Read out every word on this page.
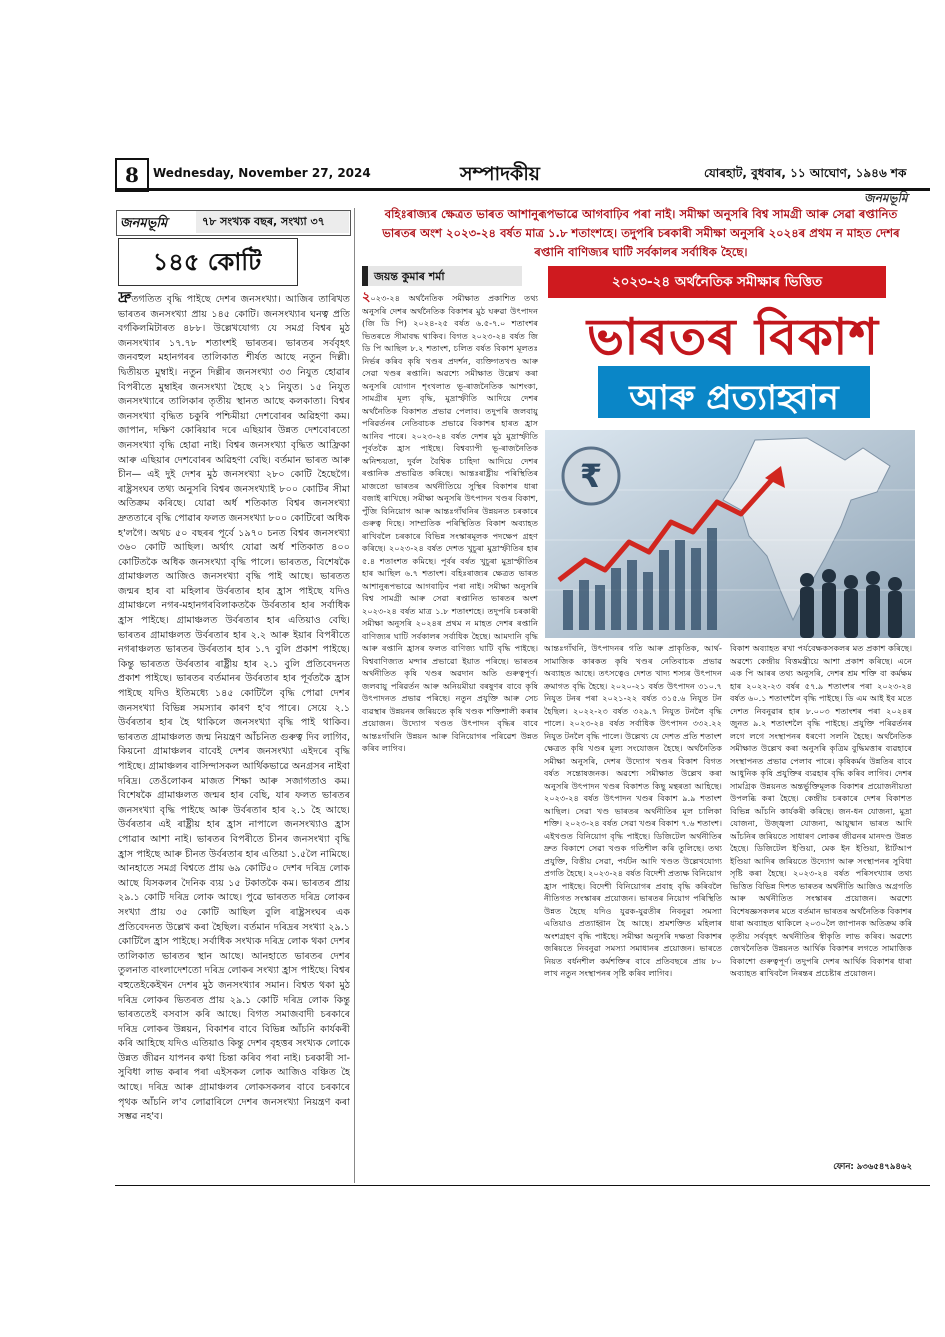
8	Wednesday, November 27, 2024	সম্পাদকীয়	যোৰহাট, বুধবাৰ, ১১ আঘোণ, ১৯৪৬ শক
জনমভূমি
জনমভূমি	৭৮ সংখ্যক বছৰ, সংখ্যা ৩৭
১৪৫ কোটি
দ্ৰুতগতিত বৃদ্ধি পাইছে দেশৰ জনসংখ্যা। আজিৰ তাৰিখত ভাৰতৰ জনসংখ্যা প্ৰায় ১৪৫ কোটি। জনসংখ্যাৰ ঘনত্ব প্ৰতি বৰ্গকিলমিটাৰত ৪৮৮। উল্লেখযোগ্য যে সমগ্ৰ বিশ্বৰ মুঠ জনসংখ্যাৰ ১৭.৭৮ শতাংশই ভাৰতৰ। ভাৰতৰ সৰ্ববৃহৎ জনবহুল মহানগৰৰ তালিকাত শীৰ্ষত আছে নতুন দিল্লী। দ্বিতীয়ত মুম্বাই। নতুন দিল্লীৰ জনসংখ্যা ৩৩ নিযুত হোৱাৰ বিপৰীতে মুম্বাইৰ জনসংখ্যা হৈছে ২১ নিযুত। ১৫ নিযুত জনসংখ্যাৰে তালিকাৰ তৃতীয় স্থানত আছে কলকাতা। বিশ্বৰ জনসংখ্যা বৃদ্ধিত চকুৰি পশ্চিমীয়া দেশবোৰৰ অৱিহণা কম। জাপান, দক্ষিণ কোৰিয়াৰ দৰে এছিয়াৰ উন্নত দেশবোৰতো জনসংখ্যা বৃদ্ধি হোৱা নাই। বিশ্বৰ জনসংখ্যা বৃদ্ধিত আফ্ৰিকা আৰু এছিয়াৰ দেশবোৰৰ অৱিহণা বেছি। বৰ্তমান ভাৰত আৰু চীন— এই দুই দেশৰ মুঠ জনসংখ্যা ২৮০ কোটি হৈছেগৈ। ৰাষ্ট্ৰসংঘৰ তথ্য অনুসৰি বিশ্বৰ জনসংখ্যাই ৮০০ কোটিৰ সীমা অতিক্ৰম কৰিছে। যোৱা অৰ্ধ শতিকাত বিশ্বৰ জনসংখ্যা দ্ৰুততাৰে বৃদ্ধি পোৱাৰ ফলত জনসংখ্যা ৮০০ কোটিৰো অধিক হ'লগৈ। অথচ ৫০ বছৰৰ পূৰ্বে ১৯৭০ চনত বিশ্বৰ জনসংখ্যা ৩৬০ কোটি আছিল। অৰ্থাৎ যোৱা অৰ্ধ শতিকাত ৪০০ কোটিতকৈ অধিক জনসংখ্যা বৃদ্ধি পালে। ভাৰতত, বিশেষকৈ গ্ৰামাঞ্চলত আজিও জনসংখ্যা বৃদ্ধি পাই আছে। ভাৰতত জন্মৰ হাৰ বা মহিলাৰ উৰ্বৰতাৰ হাৰ হ্ৰাস পাইছে যদিও গ্ৰামাঞ্চলে নগৰ-মহানগৰবিলাকতকৈ উৰ্বৰতাৰ হাৰ সৰ্বাধিক হ্ৰাস পাইছে। গ্ৰামাঞ্চলত উৰ্বৰতাৰ হাৰ এতিয়াও বেছি। ভাৰতৰ গ্ৰামাঞ্চলত উৰ্বৰতাৰ হাৰ ২.২ আৰু ইয়াৰ বিপৰীতে নগৰাঞ্চলত ভাৰতৰ উৰ্বৰতাৰ হাৰ ১.৭ বুলি প্ৰকাশ পাইছে। কিন্তু ভাৰতত উৰ্বৰতাৰ ৰাষ্ট্ৰীয় হাৰ ২.১ বুলি প্ৰতিবেদনত প্ৰকাশ পাইছে। ভাৰতৰ বৰ্তমানৰ উৰ্বৰতাৰ হাৰ পূৰ্বতকৈ হ্ৰাস পাইছে যদিও ইতিমধ্যে ১৪৫ কোটিলৈ বৃদ্ধি পোৱা দেশৰ জনসংখ্যা বিভিন্ন সমস্যাৰ কাৰণ হ'ব পাৰে। সেয়ে ২.১ উৰ্বৰতাৰ হাৰ হৈ থাকিলে জনসংখ্যা বৃদ্ধি পাই থাকিব। ভাৰতত গ্ৰামাঞ্চলত জন্ম নিয়ন্ত্ৰণ আঁচনিত গুৰুত্ব দিব লাগিব, কিয়নো গ্ৰামাঞ্চলৰ বাবেই দেশৰ জনসংখ্যা এইদৰে বৃদ্ধি পাইছে। গ্ৰামাঞ্চলৰ বাসিন্দাসকল আৰ্থিকভাৱে অনগ্ৰসৰ নাইবা দৰিদ্ৰ। তেওঁলোকৰ মাজত শিক্ষা আৰু সজাগতাও কম। বিশেষকৈ গ্ৰামাঞ্চলত জন্মৰ হাৰ বেছি, যাৰ ফলত ভাৰতৰ জনসংখ্যা বৃদ্ধি পাইছে আৰু উৰ্বৰতাৰ হাৰ ২.১ হৈ আছে। উৰ্বৰতাৰ এই ৰাষ্ট্ৰীয় হাৰ হ্ৰাস নাপালে জনসংখ্যাও হ্ৰাস পোৱাৰ আশা নাই। ভাৰতৰ বিপৰীতে চীনৰ জনসংখ্যা বৃদ্ধি হ্ৰাস পাইছে আৰু চীনত উৰ্বৰতাৰ হাৰ এতিয়া ১.৫লৈ নামিছে। আনহাতে সমগ্ৰ বিশ্বতে প্ৰায় ৬৯ কোটি৫০ দেশৰ দৰিদ্ৰ লোক আছে যিসকলৰ দৈনিক ব্যয় ১৫ টকাতকৈ কম। ভাৰতৰ প্ৰায় ২৯.১ কোটি দৰিদ্ৰ লোক আছে। পুৱে ভাৰতত দৰিদ্ৰ লোকৰ সংখ্যা প্ৰায় ৩৫ কোটি আছিল বুলি ৰাষ্ট্ৰসংঘৰ এক প্ৰতিবেদনত উল্লেখ কৰা হৈছিল। বৰ্তমান দৰিদ্ৰৰ সংখ্যা ২৯.১ কোটিলৈ হ্ৰাস পাইছে। সৰ্বাধিক সংখ্যক দৰিদ্ৰ লোক থকা দেশৰ তালিকাত ভাৰতৰ স্থান আছে। আনহাতে ভাৰতৰ দেশৰ তুলনাত বাংলাদেশতো দৰিদ্ৰ লোকৰ সংখ্যা হ্ৰাস পাইছে। বিশ্বৰ বহুতেইকেইখন দেশৰ মুঠ জনসংখ্যাৰ সমান। বিশ্বত থকা মুঠ দৰিদ্ৰ লোকৰ ভিতৰত প্ৰায় ২৯.১ কোটি দৰিদ্ৰ লোক কিন্তু ভাৰততেই বসবাস কৰি আছে। বিগত সমাজবাদী চৰকাৰে দৰিদ্ৰ লোকৰ উন্নয়ন, বিকাশৰ বাবে বিভিন্ন আঁচনি কাৰ্যকৰী কৰি আহিছে যদিও এতিয়াও কিন্তু দেশৰ বৃহত্তৰ সংখ্যক লোকে উন্নত জীৱন যাপনৰ কথা চিন্তা কৰিব পৰা নাই। চৰকাৰী সা-সুবিধা লাভ কৰাৰ পৰা এইসকল লোক আজিও বঞ্চিত হৈ আছে। দৰিদ্ৰ আৰু গ্ৰামাঞ্চলৰ লোকসকলৰ বাবে চৰকাৰে পৃথক আঁচনি ল'ব লোৱাৰিলে দেশৰ জনসংখ্যা নিয়ন্ত্ৰণ কৰা সম্ভৱ নহ'ব।
বহিঃৰাজ্যৰ ক্ষেত্ৰত ভাৰত আশানুৰূপভাৱে আগবাঢ়িব পৰা নাই। সমীক্ষা অনুসৰি বিশ্ব সামগ্ৰী আৰু সেৱা ৰপ্তানিত ভাৰতৰ অংশ ২০২৩-২৪ বৰ্ষত মাত্ৰ ১.৮ শতাংশহে। তদুপৰি চৰকাৰী সমীক্ষা অনুসৰি ২০২৪ৰ প্ৰথম ন মাহত দেশৰ ৰপ্তানি বাণিজ্যৰ ঘাটি সৰ্বকালৰ সৰ্বাধিক হৈছে।
জয়ন্ত কুমাৰ শৰ্মা	২০২৩-২৪ অৰ্থনৈতিক সমীক্ষাৰ ভিত্তিত
ভাৰতৰ বিকাশ
আৰু প্ৰত্যাহ্বান
২০২৩-২৪ অৰ্থনৈতিক সমীক্ষাত প্ৰকাশিত তথ্য অনুসৰি দেশৰ অৰ্থনৈতিক বিকাশৰ মুঠ ঘৰুৱা উৎপাদন (জি ডি পি) ২০২৪-২৫ বৰ্ষত ৬.৫-৭.০ শতাংশৰ ভিতৰতে সীমাবদ্ধ থাকিব। বিগত ২০২৩-২৪ বৰ্ষত জি ডি পি আছিল ৮.২ শতাংশ, চলিত বৰ্ষত বিকাশ মূলতঃ নিৰ্ভৰ কৰিব কৃষি খণ্ডৰ প্ৰদৰ্শন, ব্যক্তিগতখণ্ড আৰু সেৱা খণ্ডৰ ৰপ্তানি। অৱশ্যে সমীক্ষাত উল্লেখ কৰা অনুসৰি যোগান শৃংখলাত ভূ-ৰাজনৈতিক আশংকা, সামগ্ৰীৰ মূল্য বৃদ্ধি, মুদ্ৰাস্ফীতি আদিয়ে দেশৰ অৰ্থনৈতিক বিকাশত প্ৰভাৱ পেলাব। তদুপৰি জলবায়ু পৰিৱৰ্তনৰ নেতিবাচক প্ৰভাৱে বিকাশৰ হাৰত হ্ৰাস আনিব পাৰে। ২০২৩-২৪ বৰ্ষত দেশৰ মুঠ মুদ্ৰাস্ফীতি পূৰ্বতকৈ হ্ৰাস পাইছে। বিশ্বব্যাপী ভূ-ৰাজনৈতিক অনিশ্চয়তা, দুৰ্বল বৈশ্বিক চাহিদা আদিয়ে দেশৰ ৰপ্তানিক প্ৰভাৱিত কৰিছে। আন্তঃৰাষ্ট্ৰীয় পৰিস্থিতিৰ মাজতো ভাৰতৰ অৰ্থনীতিয়ে সুস্থিৰ বিকাশৰ ধাৰা বজাই ৰাখিছে। সমীক্ষা অনুসৰি উৎপাদন খণ্ডৰ বিকাশ, পুঁজি বিনিয়োগ আৰু আন্তঃগাঁথনিৰ উন্নয়নত চৰকাৰে গুৰুত্ব দিছে। সাম্প্ৰতিক পৰিস্থিতিত বিকাশ অব্যাহত ৰাখিবলৈ চৰকাৰে বিভিন্ন সংস্কাৰমূলক পদক্ষেপ গ্ৰহণ কৰিছে। ২০২৩-২৪ বৰ্ষত দেশত খুচুৰা মুদ্ৰাস্ফীতিৰ হাৰ ৫.৪ শতাংশত কমিছে। পূৰ্বৰ বৰ্ষত খুচুৰা মুদ্ৰাস্ফীতিৰ হাৰ আছিল ৬.৭ শতাংশ। বহিঃৰাজ্যৰ ক্ষেত্ৰত ভাৰত আশানুৰূপভাৱে আগবাঢ়িব পৰা নাই। সমীক্ষা অনুসৰি বিশ্ব সামগ্ৰী আৰু সেৱা ৰপ্তানিত ভাৰতৰ অংশ ২০২৩-২৪ বৰ্ষত মাত্ৰ ১.৮ শতাংশহে। তদুপৰি চৰকাৰী সমীক্ষা অনুসৰি ২০২৪ৰ প্ৰথম ন মাহত দেশৰ ৰপ্তানি বাণিজ্যৰ ঘাটি সৰ্বকালৰ সৰ্বাধিক হৈছে। আমদানি বৃদ্ধি আৰু ৰপ্তানি হ্ৰাসৰ ফলত বাণিজ্য ঘাটি বৃদ্ধি পাইছে। বিশ্ববাণিজ্যত মন্দাৰ প্ৰভাৱো ইয়াত পৰিছে। ভাৰতৰ অৰ্থনীতিত কৃষি খণ্ডৰ অৱদান অতি গুৰুত্বপূৰ্ণ। জলবায়ু পৰিৱৰ্তন আৰু অনিয়মীয়া বৰষুণৰ বাবে কৃষি উৎপাদনত প্ৰভাৱ পৰিছে। নতুন প্ৰযুক্তি আৰু সেচ ব্যৱস্থাৰ উন্নয়নৰ জৰিয়তে কৃষি খণ্ডক শক্তিশালী কৰাৰ প্ৰয়োজন। উদ্যোগ খণ্ডত উৎপাদন বৃদ্ধিৰ বাবে আন্তঃগাঁথনি উন্নয়ন আৰু বিনিয়োগৰ পৰিৱেশ উন্নত কৰিব লাগিব।
₹
আন্তঃগাঁথনি, উৎপাদনৰ গতি আৰু প্ৰাকৃতিক, আৰ্থ-সামাজিক কাৰকত কৃষি খণ্ডৰ নেতিবাচক প্ৰভাৱ অব্যাহত আছে। তৎসত্বেও দেশত খাদ্য শস্যৰ উৎপাদন ক্ৰমাগত বৃদ্ধি হৈছে। ২০২০-২১ বৰ্ষত উৎপাদন ৩১০.৭ নিযুত টনৰ পৰা ২০২১-২২ বৰ্ষত ৩১৫.৬ নিযুত টন হৈছিল। ২০২২-২৩ বৰ্ষত ৩২৯.৭ নিযুত টনলৈ বৃদ্ধি পালে। ২০২৩-২৪ বৰ্ষত সৰ্বাধিক উৎপাদন ৩৩২.২২ নিযুত টনলৈ বৃদ্ধি পালে। উল্লেখ্য যে দেশত প্ৰতি শতাংশ ক্ষেত্ৰত কৃষি খণ্ডৰ মূল্য সংযোজন হৈছে। অৰ্থনৈতিক সমীক্ষা অনুসৰি, দেশৰ উদ্যোগ খণ্ডৰ বিকাশ বিগত বৰ্ষত সন্তোষজনক। অৱশ্যে সমীক্ষাত উল্লেখ কৰা অনুসৰি উৎপাদন খণ্ডৰ বিকাশত কিছু মন্থৰতা আহিছে। ২০২৩-২৪ বৰ্ষত উৎপাদন খণ্ডৰ বিকাশ ৯.৯ শতাংশ আছিল। সেৱা খণ্ড ভাৰতৰ অৰ্থনীতিৰ মূল চালিকা শক্তি। ২০২৩-২৪ বৰ্ষত সেৱা খণ্ডৰ বিকাশ ৭.৬ শতাংশ। এইখণ্ডত বিনিয়োগ বৃদ্ধি পাইছে। ডিজিটেল অৰ্থনীতিৰ দ্ৰুত বিকাশে সেৱা খণ্ডক গতিশীল কৰি তুলিছে। তথ্য প্ৰযুক্তি, বিত্তীয় সেৱা, পৰ্যটন আদি খণ্ডত উল্লেখযোগ্য প্ৰগতি হৈছে। ২০২৩-২৪ বৰ্ষত বিদেশী প্ৰত্যক্ষ বিনিয়োগ হ্ৰাস পাইছে। বিদেশী বিনিয়োগৰ প্ৰবাহ বৃদ্ধি কৰিবলৈ নীতিগত সংস্কাৰৰ প্ৰয়োজন। ভাৰতৰ নিয়োগ পৰিস্থিতি উন্নত হৈছে যদিও যুৱক-যুৱতীৰ নিবনুৱা সমস্যা এতিয়াও প্ৰত্যাহ্বান হৈ আছে। শ্ৰমশক্তিত মহিলাৰ অংশগ্ৰহণ বৃদ্ধি পাইছে। সমীক্ষা অনুসৰি দক্ষতা বিকাশৰ জৰিয়তে নিবনুৱা সমস্যা সমাধানৰ প্ৰয়োজন। ভাৰতে নিয়ত বৰ্ধনশীল কৰ্মশক্তিৰ বাবে প্ৰতিবছৰে প্ৰায় ৮০ লাখ নতুন সংস্থাপনৰ সৃষ্টি কৰিব লাগিব।
বিকাশ অব্যাহত ৰখা পৰ্যবেক্ষকসকলৰ মত প্ৰকাশ কৰিছে। অৱশ্যে কেন্দ্ৰীয় বিত্তমন্ত্ৰীয়ে আশা প্ৰকাশ কৰিছে। এনে এক পি আৰৰ তথ্য অনুসৰি, দেশৰ শ্ৰম শক্তি বা কৰ্মক্ষম হাৰ ২০২২-২৩ বৰ্ষৰ ৫৭.৯ শতাংশৰ পৰা ২০২৩-২৪ বৰ্ষত ৬০.১ শতাংশলৈ বৃদ্ধি পাইছে। ডি এম আই ইব মতে দেশত নিবনুৱাৰ হাৰ ৮.০০৩ শতাংশৰ পৰা ২০২৪ৰ জুনত ৯.২ শতাংশলৈ বৃদ্ধি পাইছে। প্ৰযুক্তি পৰিৱৰ্তনৰ লগে লগে সংস্থাপনৰ ধৰণো সলনি হৈছে। অৰ্থনৈতিক সমীক্ষাত উল্লেখ কৰা অনুসৰি কৃত্ৰিম বুদ্ধিমত্তাৰ ব্যৱহাৰে সংস্থাপনত প্ৰভাৱ পেলাব পাৰে। কৃষিকৰ্মৰ উন্নতিৰ বাবে আধুনিক কৃষি প্ৰযুক্তিৰ ব্যৱহাৰ বৃদ্ধি কৰিব লাগিব। দেশৰ সামগ্ৰিক উন্নয়নত অন্তৰ্ভুক্তিমূলক বিকাশৰ প্ৰয়োজনীয়তা উপলব্ধি কৰা হৈছে। কেন্দ্ৰীয় চৰকাৰে দেশৰ বিকাশত বিভিন্ন আঁচনি কাৰ্যকৰী কৰিছে। জন-ধন যোজনা, মুদ্ৰা যোজনা, উজ্জ্বলা যোজনা, আয়ুষ্মান ভাৰত আদি আঁচনিৰ জৰিয়তে সাধাৰণ লোকৰ জীৱনৰ মানদণ্ড উন্নত হৈছে। ডিজিটেল ইণ্ডিয়া, মেক ইন ইণ্ডিয়া, ষ্টাৰ্টআপ ইণ্ডিয়া আদিৰ জৰিয়তে উদ্যোগ আৰু সংস্থাপনৰ সুবিধা সৃষ্টি কৰা হৈছে। ২০২৩-২৪ বৰ্ষত পৰিসংখ্যাৰ তথ্য ভিত্তিত বিভিন্ন দিশত ভাৰতৰ অৰ্থনীতি আজিও অগ্ৰগতি আৰু অৰ্থনীতিত সংস্কাৰৰ প্ৰয়োজন। অৱশ্যে বিশেষজ্ঞসকলৰ মতে বৰ্তমান ভাৰতৰ অৰ্থনৈতিক বিকাশৰ ধাৰা অব্যাহত থাকিলে ২০৩০লৈ জাপানক অতিক্ৰম কৰি তৃতীয় সৰ্ববৃহৎ অৰ্থনীতিৰ স্বীকৃতি লাভ কৰিব। অৱশ্যে জেখনৈতিক উন্নয়নত আৰ্থিক বিকাশৰ লগতে সামাজিক বিকাশো গুৰুত্বপূৰ্ণ। তদুপৰি দেশৰ আৰ্থিক বিকাশৰ ধাৰা অব্যাহত ৰাখিবলৈ নিৰন্তৰ প্ৰচেষ্টাৰ প্ৰয়োজন।
ফোন: ৯৩৬৫৪৭৯৪৬২
